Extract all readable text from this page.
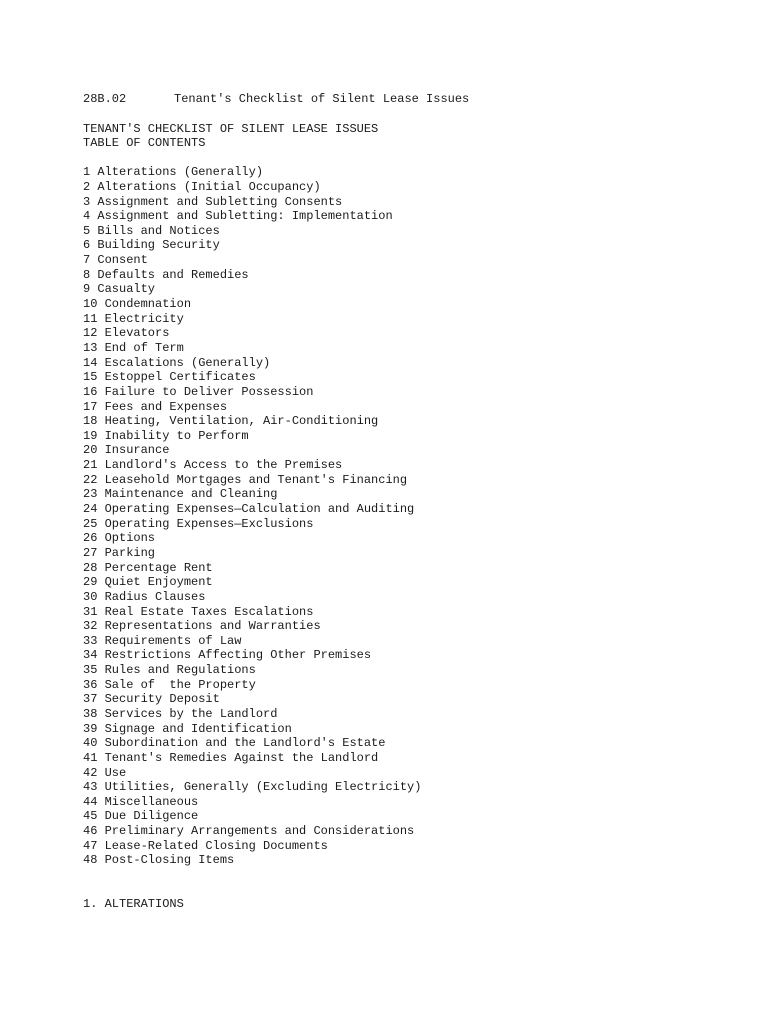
28B.02	Tenant's Checklist of Silent Lease Issues
TENANT'S CHECKLIST OF SILENT LEASE ISSUES
TABLE OF CONTENTS
1 Alterations (Generally)
2 Alterations (Initial Occupancy)
3 Assignment and Subletting Consents
4 Assignment and Subletting: Implementation
5 Bills and Notices
6 Building Security
7 Consent
8 Defaults and Remedies
9 Casualty
10 Condemnation
11 Electricity
12 Elevators
13 End of Term
14 Escalations (Generally)
15 Estoppel Certificates
16 Failure to Deliver Possession
17 Fees and Expenses
18 Heating, Ventilation, Air-Conditioning
19 Inability to Perform
20 Insurance
21 Landlord's Access to the Premises
22 Leasehold Mortgages and Tenant's Financing
23 Maintenance and Cleaning
24 Operating Expenses—Calculation and Auditing
25 Operating Expenses—Exclusions
26 Options
27 Parking
28 Percentage Rent
29 Quiet Enjoyment
30 Radius Clauses
31 Real Estate Taxes Escalations
32 Representations and Warranties
33 Requirements of Law
34 Restrictions Affecting Other Premises
35 Rules and Regulations
36 Sale of  the Property
37 Security Deposit
38 Services by the Landlord
39 Signage and Identification
40 Subordination and the Landlord's Estate
41 Tenant's Remedies Against the Landlord
42 Use
43 Utilities, Generally (Excluding Electricity)
44 Miscellaneous
45 Due Diligence
46 Preliminary Arrangements and Considerations
47 Lease-Related Closing Documents
48 Post-Closing Items
1. ALTERATIONS
